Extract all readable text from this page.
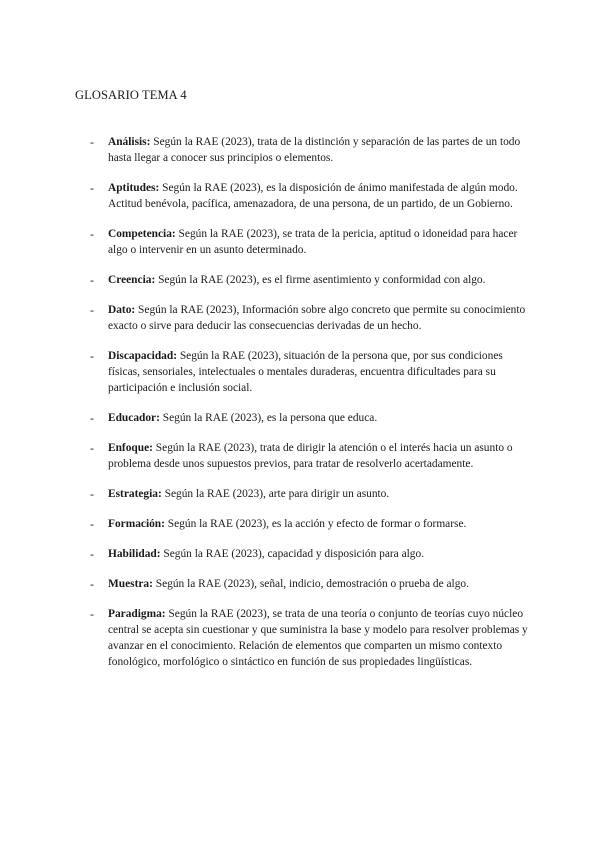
GLOSARIO TEMA 4
- Análisis: Según la RAE (2023), trata de la distinción y separación de las partes de un todo hasta llegar a conocer sus principios o elementos.
- Aptitudes: Según la RAE (2023), es la disposición de ánimo manifestada de algún modo. Actitud benévola, pacífica, amenazadora, de una persona, de un partido, de un Gobierno.
- Competencia: Según la RAE (2023), se trata de la pericia, aptitud o idoneidad para hacer algo o intervenir en un asunto determinado.
- Creencia: Según la RAE (2023), es el firme asentimiento y conformidad con algo.
- Dato: Según la RAE (2023), Información sobre algo concreto que permite su conocimiento exacto o sirve para deducir las consecuencias derivadas de un hecho.
- Discapacidad: Según la RAE (2023), situación de la persona que, por sus condiciones físicas, sensoriales, intelectuales o mentales duraderas, encuentra dificultades para su participación e inclusión social.
- Educador: Según la RAE (2023), es la persona que educa.
- Enfoque: Según la RAE (2023), trata de dirigir la atención o el interés hacia un asunto o problema desde unos supuestos previos, para tratar de resolverlo acertadamente.
- Estrategia: Según la RAE (2023), arte para dirigir un asunto.
- Formación: Según la RAE (2023), es la acción y efecto de formar o formarse.
- Habilidad: Según la RAE (2023), capacidad y disposición para algo.
- Muestra: Según la RAE (2023), señal, indicio, demostración o prueba de algo.
- Paradigma: Según la RAE (2023), se trata de una teoría o conjunto de teorías cuyo núcleo central se acepta sin cuestionar y que suministra la base y modelo para resolver problemas y avanzar en el conocimiento. Relación de elementos que comparten un mismo contexto fonológico, morfológico o sintáctico en función de sus propiedades lingüísticas.
